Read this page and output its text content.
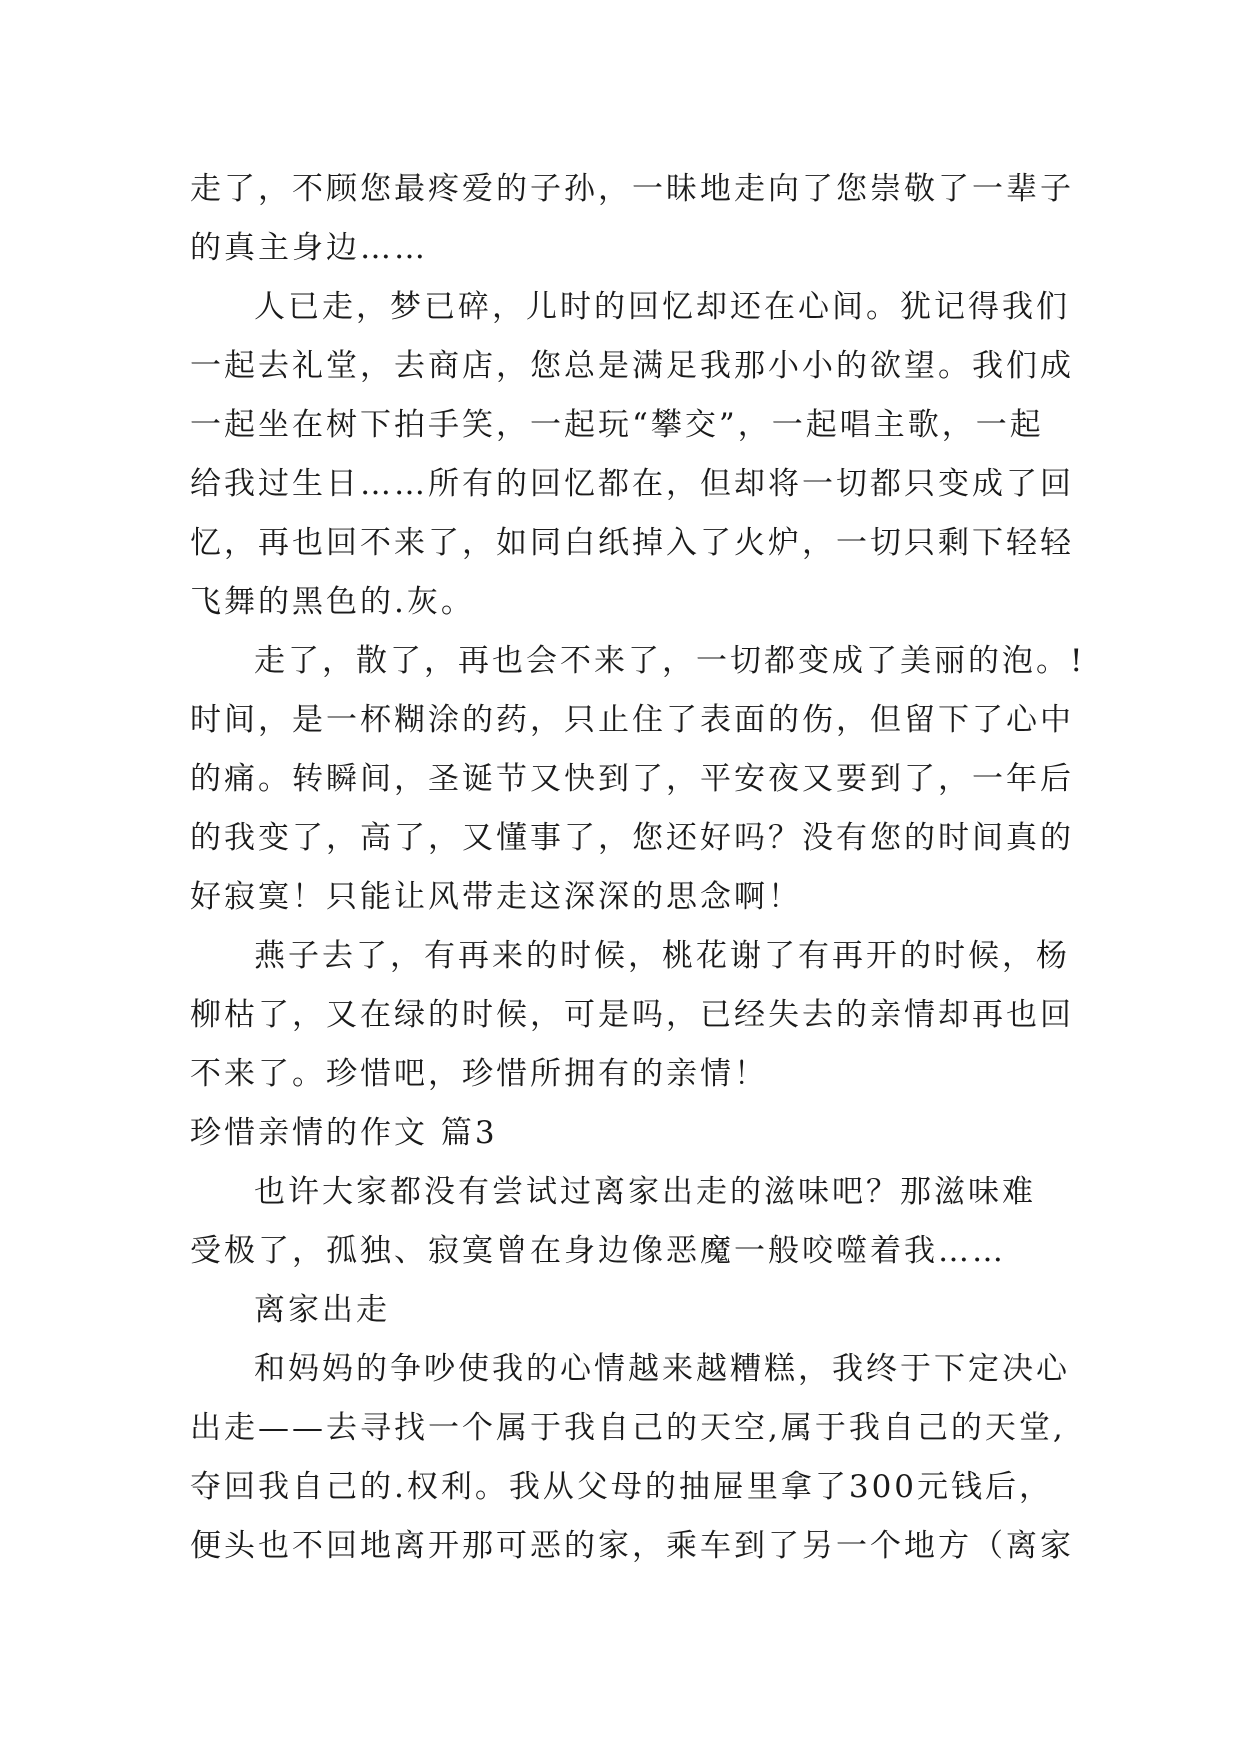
走了，不顾您最疼爱的子孙，一昧地走向了您崇敬了一辈子
的真主身边……
人已走，梦已碎，儿时的回忆却还在心间。犹记得我们
一起去礼堂，去商店，您总是满足我那小小的欲望。我们成
一起坐在树下拍手笑，一起玩“攀交”，一起唱主歌，一起
给我过生日……所有的回忆都在，但却将一切都只变成了回
忆，再也回不来了，如同白纸掉入了火炉，一切只剩下轻轻
飞舞的黑色的.灰。
走了，散了，再也会不来了，一切都变成了美丽的泡。!
时间，是一杯糊涂的药，只止住了表面的伤，但留下了心中
的痛。转瞬间，圣诞节又快到了，平安夜又要到了，一年后
的我变了，高了，又懂事了，您还好吗？没有您的时间真的
好寂寞！只能让风带走这深深的思念啊！
燕子去了，有再来的时候，桃花谢了有再开的时候，杨
柳枯了，又在绿的时候，可是吗，已经失去的亲情却再也回
不来了。珍惜吧，珍惜所拥有的亲情！
珍惜亲情的作文 篇3
也许大家都没有尝试过离家出走的滋味吧？那滋味难
受极了，孤独、寂寞曾在身边像恶魔一般咬噬着我……
离家出走
和妈妈的争吵使我的心情越来越糟糕，我终于下定决心
出走——去寻找一个属于我自己的天空,属于我自己的天堂,
夺回我自己的.权利。我从父母的抽屉里拿了300元钱后，
便头也不回地离开那可恶的家，乘车到了另一个地方（离家
